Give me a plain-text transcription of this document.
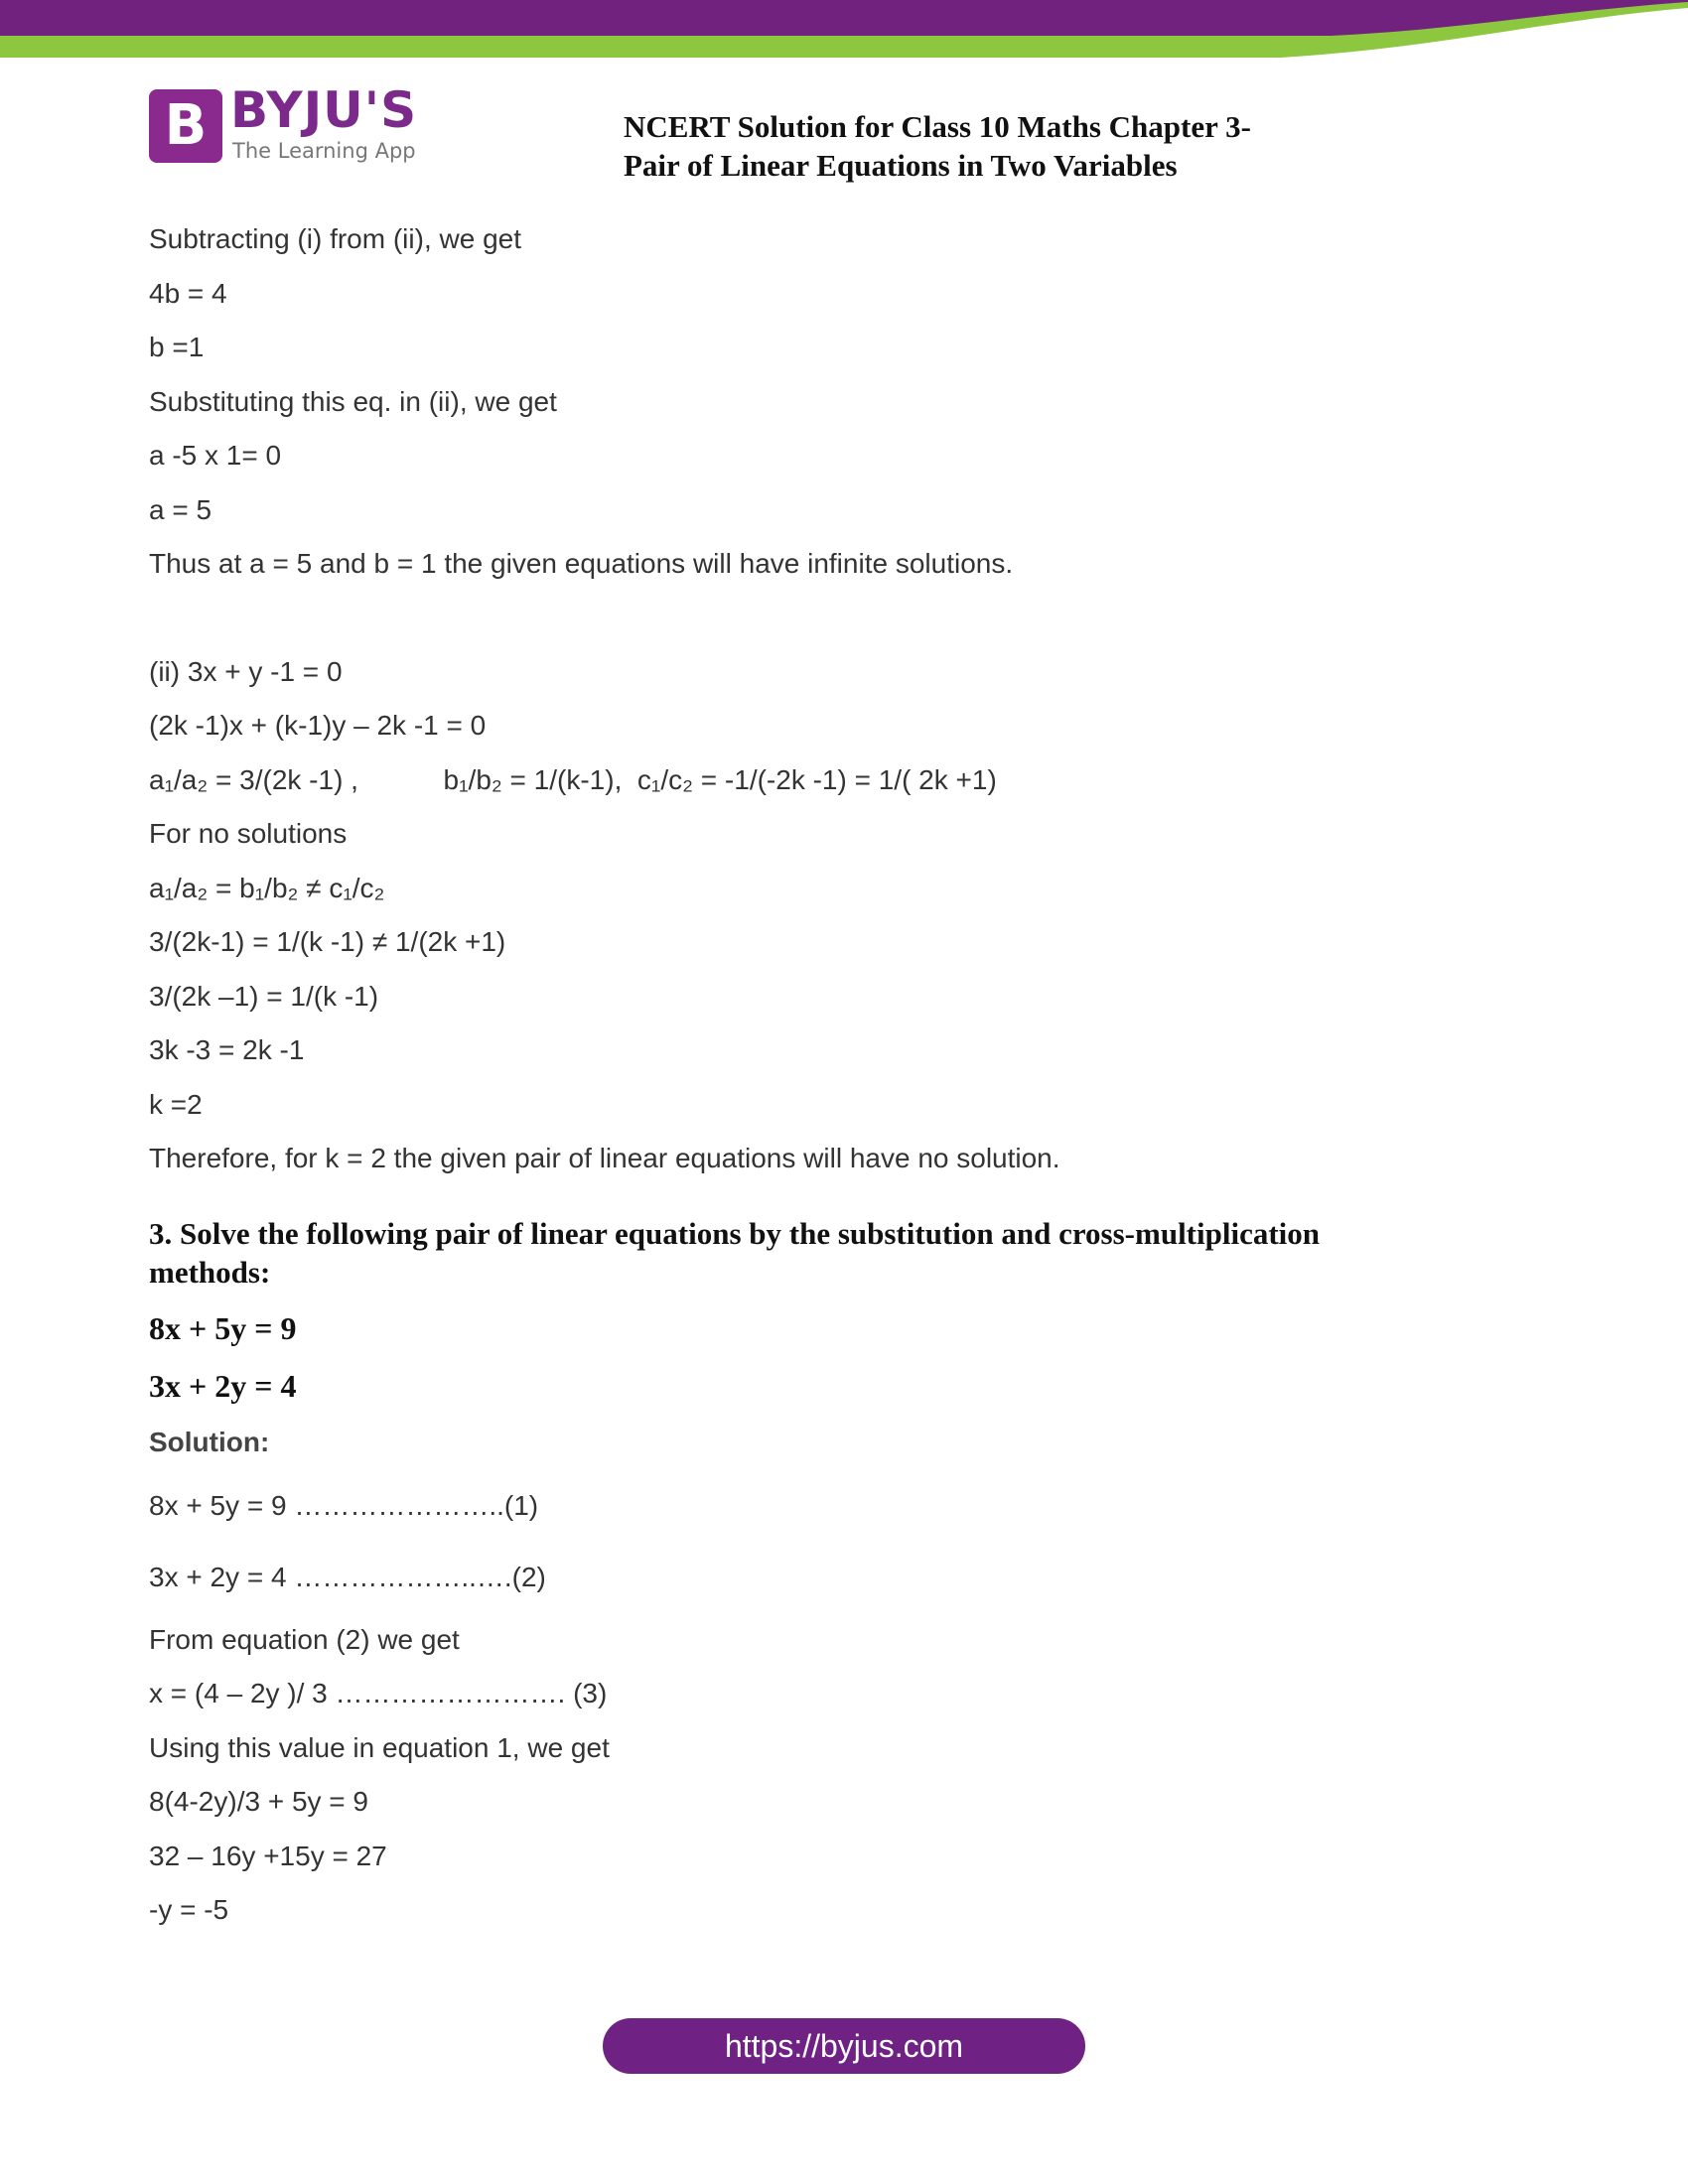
B BYJU'S
The Learning App
NCERT Solution for Class 10 Maths Chapter 3-
Pair of Linear Equations in Two Variables
Subtracting (i) from (ii), we get
4b = 4
b =1
Substituting this eq. in (ii), we get
a -5 x 1= 0
a = 5
Thus at a = 5 and b = 1 the given equations will have infinite solutions.
(ii) 3x + y -1 = 0
(2k -1)x + (k-1)y – 2k -1 = 0
a₁/a₂ = 3/(2k -1) ,           b₁/b₂ = 1/(k-1),  c₁/c₂ = -1/(-2k -1) = 1/( 2k +1)
For no solutions
a₁/a₂ = b₁/b₂ ≠ c₁/c₂
3/(2k-1) = 1/(k -1) ≠ 1/(2k +1)
3/(2k –1) = 1/(k -1)
3k -3 = 2k -1
k =2
Therefore, for k = 2 the given pair of linear equations will have no solution.
3. Solve the following pair of linear equations by the substitution and cross-multiplication
methods:
8x + 5y = 9
3x + 2y = 4
Solution:
8x + 5y = 9 …………………..(1)
3x + 2y = 4 ………………..….(2)
From equation (2) we get
x = (4 – 2y )/ 3 ……………………. (3)
Using this value in equation 1, we get
8(4-2y)/3 + 5y = 9
32 – 16y +15y = 27
-y = -5
https://byjus.com
